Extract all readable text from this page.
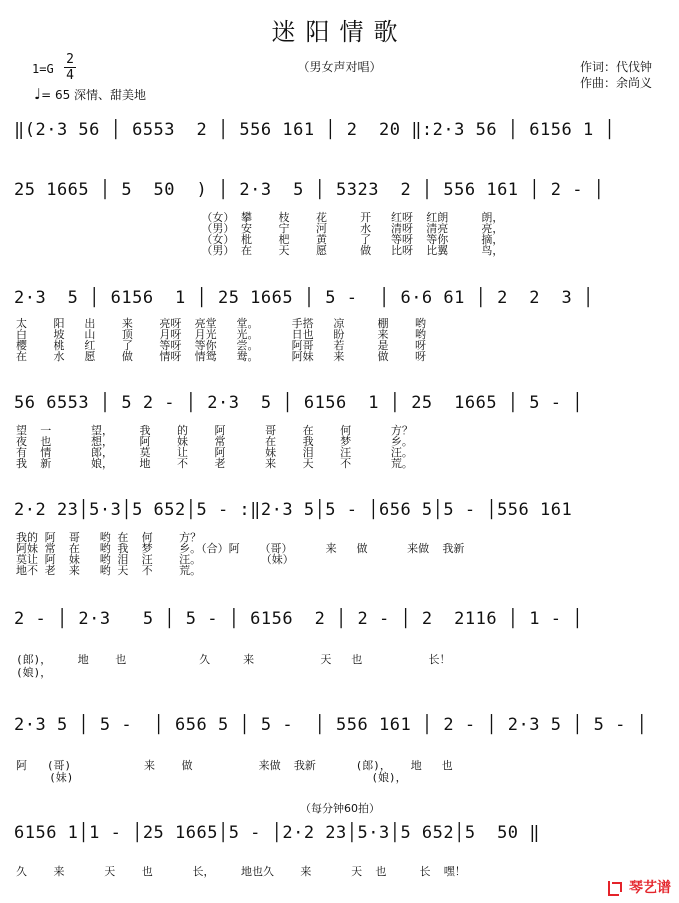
迷阳情歌
（男女声对唱）
1=G
2
4
♩= 65 深情、甜美地
作词：代伐钟
作曲：余尚义
‖(2·3 56 │ 6553  2 │ 556 161 │ 2  20 ‖:2·3 56 │ 6156 1 │
25 1665 │ 5  50  ) │ 2·3  5 │ 5323  2 │ 556 161 │ 2 - │
（女） 攀    枝    花     开   红呀  红朗     朗，
（男） 安    宁    河     水   清呀  清亮     亮，
（女） 枇    杷    黄     了   等呀  等你     摘，
（男） 在    天    愿     做   比呀  比翼     鸟，
2·3  5 │ 6156  1 │ 25 1665 │ 5 -  │ 6·6 61 │ 2  2  3 │
太    阳   出    来    亮呀  亮堂   堂。     手搭   凉     棚    哟
白    坡   山    顶    月呀  月光   光。     日也   盼     来    哟
樱    桃   红    了    等呀  等你   尝。     阿哥   若     是    呀
在    水   愿    做    情呀  情鸳   鸯。     阿妹   来     做    呀
56 6553 │ 5 2 - │ 2·3  5 │ 6156  1 │ 25  1665 │ 5 - │
望  一      望，    我    的    阿      哥    在    何      方？
夜  也      想，    阿    妹    常      在    我    梦      乡。
有  情      郎，    莫    让    阿      妹    泪    汪      汪。
我  新      娘，    地    不    老      来    天    不      荒。
2·2 23│5·3│5 652│5 - :‖2·3 5│5 - │656 5│5 - │556 161
我的 阿  哥   哟 在  何    方？
阿妹 常  在   哟 我  梦    乡。（合）阿   （哥）     来   做      来做  我新
莫让 阿  妹   哟 泪  汪    汪。         （妹）
地不 老  来   哟 天  不    荒。
2 - │ 2·3   5 │ 5 - │ 6156  2 │ 2 - │ 2  2116 │ 1 - │
(郎)，    地    也           久     来          天   也          长！
(娘)，
2·3 5 │ 5 -  │ 656 5 │ 5 -  │ 556 161 │ 2 - │ 2·3 5 │ 5 - │
阿   (哥)           来    做          来做  我新      (郎)，   地   也
(妹)                                             (娘)，
（每分钟60拍）
6156 1│1 - │25 1665│5 - │2·2 23│5·3│5 652│5  50 ‖
久    来      天    也      长，    地也久    来      天  也     长  嘿！
琴艺谱
